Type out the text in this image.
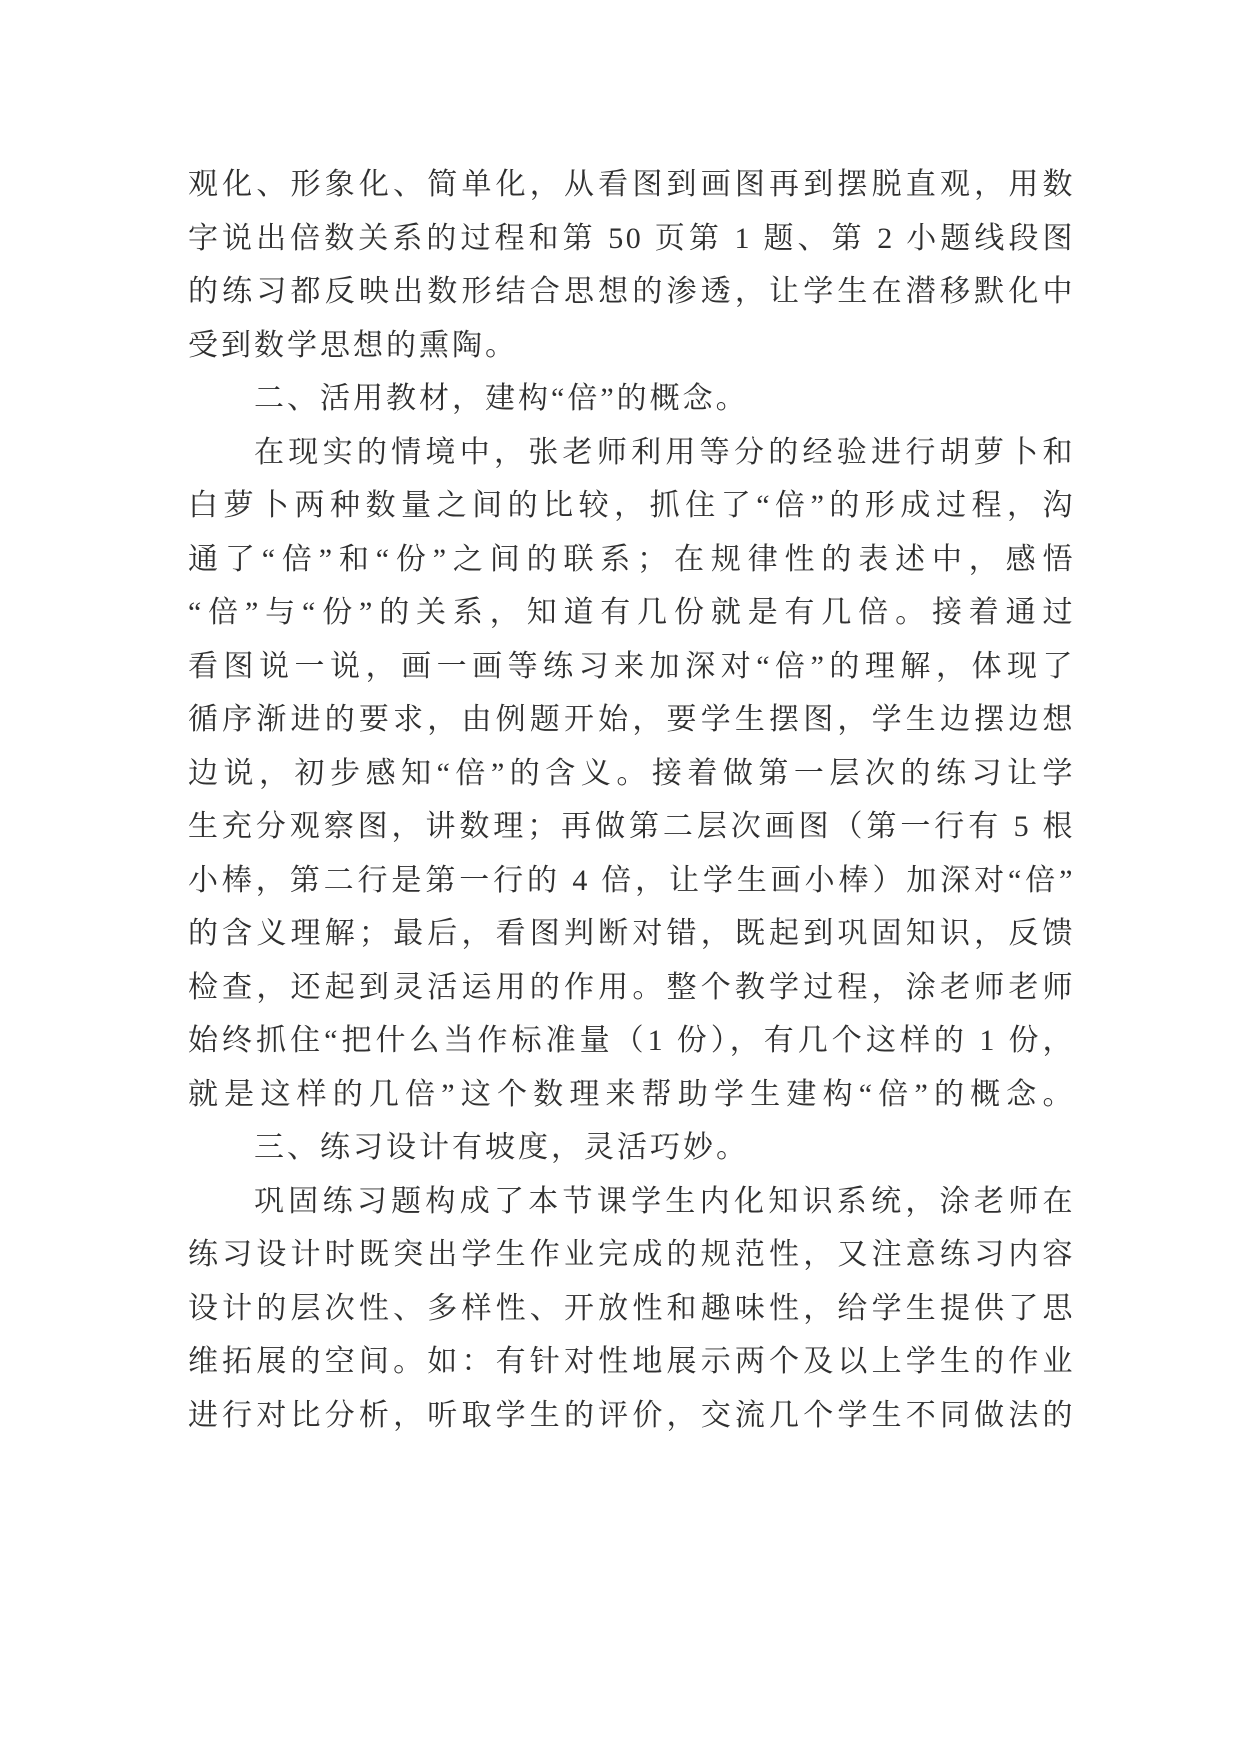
观化、形象化、简单化，从看图到画图再到摆脱直观，用数
字说出倍数关系的过程和第 50 页第 1 题、第 2 小题线段图
的练习都反映出数形结合思想的渗透，让学生在潜移默化中
受到数学思想的熏陶。
二、活用教材，建构“倍”的概念。
在现实的情境中，张老师利用等分的经验进行胡萝卜和
白萝卜两种数量之间的比较，抓住了“倍”的形成过程，沟
通了“倍”和“份”之间的联系；在规律性的表述中，感悟
“倍”与“份”的关系，知道有几份就是有几倍。接着通过
看图说一说，画一画等练习来加深对“倍”的理解，体现了
循序渐进的要求，由例题开始，要学生摆图，学生边摆边想
边说，初步感知“倍”的含义。接着做第一层次的练习让学
生充分观察图，讲数理；再做第二层次画图（第一行有 5 根
小棒，第二行是第一行的 4 倍，让学生画小棒）加深对“倍”
的含义理解；最后，看图判断对错，既起到巩固知识，反馈
检查，还起到灵活运用的作用。整个教学过程，涂老师老师
始终抓住“把什么当作标准量（1 份），有几个这样的 1 份，
就是这样的几倍”这个数理来帮助学生建构“倍”的概念。
三、练习设计有坡度，灵活巧妙。
巩固练习题构成了本节课学生内化知识系统，涂老师在
练习设计时既突出学生作业完成的规范性，又注意练习内容
设计的层次性、多样性、开放性和趣味性，给学生提供了思
维拓展的空间。如：有针对性地展示两个及以上学生的作业
进行对比分析，听取学生的评价，交流几个学生不同做法的
